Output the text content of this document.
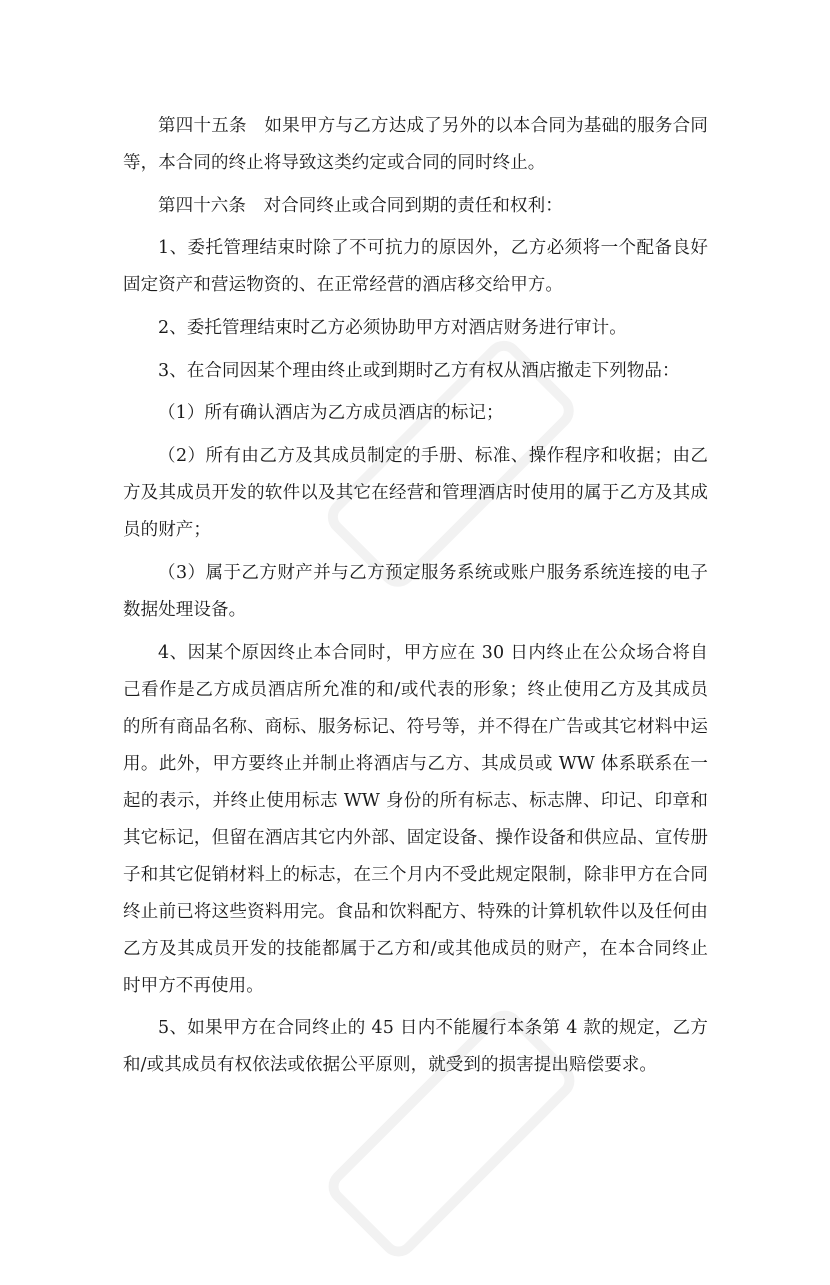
第四十五条　如果甲方与乙方达成了另外的以本合同为基础的服务合同等，本合同的终止将导致这类约定或合同的同时终止。

第四十六条　对合同终止或合同到期的责任和权利：

1、委托管理结束时除了不可抗力的原因外，乙方必须将一个配备良好固定资产和营运物资的、在正常经营的酒店移交给甲方。

2、委托管理结束时乙方必须协助甲方对酒店财务进行审计。

3、在合同因某个理由终止或到期时乙方有权从酒店撤走下列物品：

（1）所有确认酒店为乙方成员酒店的标记；

（2）所有由乙方及其成员制定的手册、标准、操作程序和收据；由乙方及其成员开发的软件以及其它在经营和管理酒店时使用的属于乙方及其成员的财产；

（3）属于乙方财产并与乙方预定服务系统或账户服务系统连接的电子数据处理设备。

4、因某个原因终止本合同时，甲方应在 30 日内终止在公众场合将自己看作是乙方成员酒店所允准的和/或代表的形象；终止使用乙方及其成员的所有商品名称、商标、服务标记、符号等，并不得在广告或其它材料中运用。此外，甲方要终止并制止将酒店与乙方、其成员或 WW 体系联系在一起的表示，并终止使用标志 WW 身份的所有标志、标志牌、印记、印章和其它标记，但留在酒店其它内外部、固定设备、操作设备和供应品、宣传册子和其它促销材料上的标志，在三个月内不受此规定限制，除非甲方在合同终止前已将这些资料用完。食品和饮料配方、特殊的计算机软件以及任何由乙方及其成员开发的技能都属于乙方和/或其他成员的财产，在本合同终止时甲方不再使用。

5、如果甲方在合同终止的 45 日内不能履行本条第 4 款的规定，乙方和/或其成员有权依法或依据公平原则，就受到的损害提出赔偿要求。
